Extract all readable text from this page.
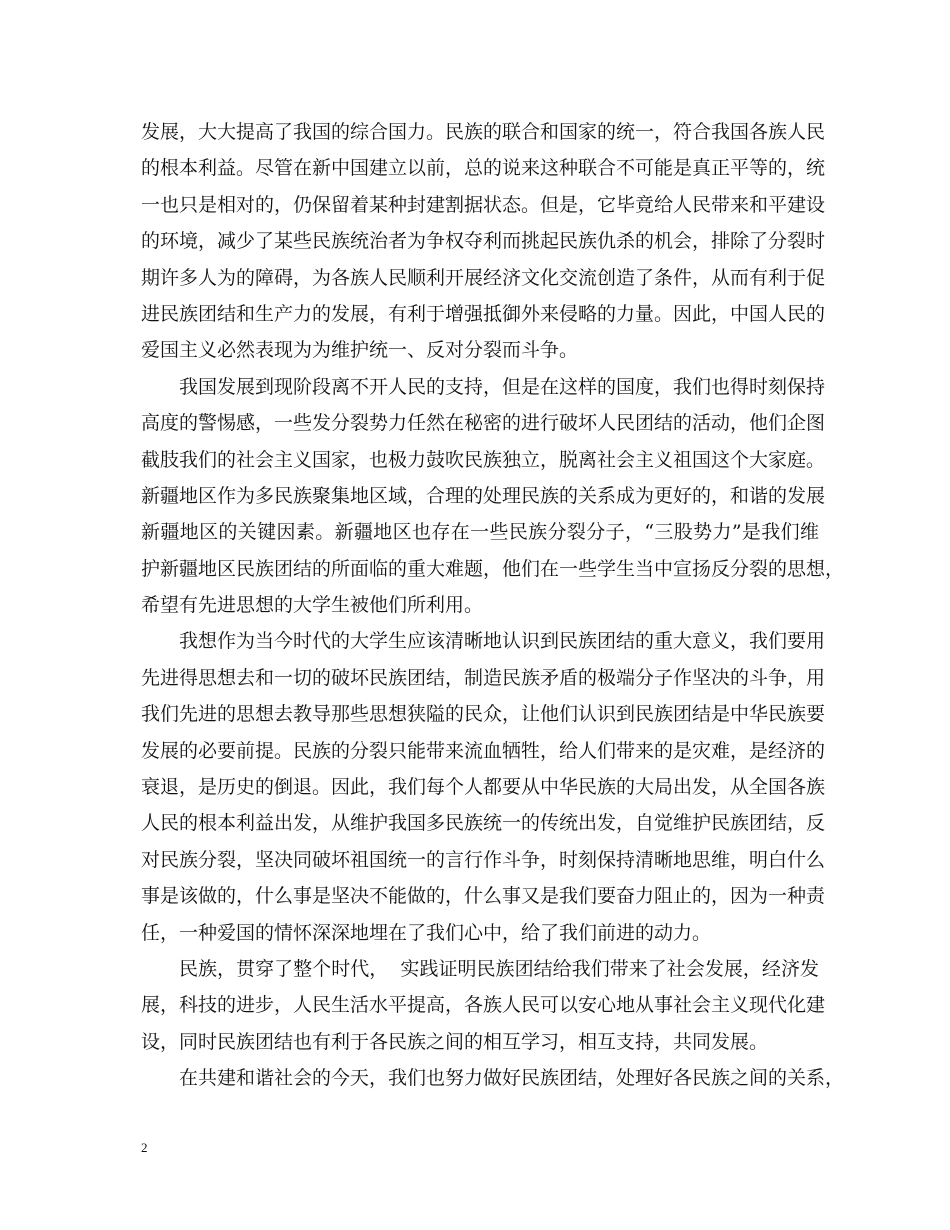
发展，大大提高了我国的综合国力。民族的联合和国家的统一，符合我国各族人民
的根本利益。尽管在新中国建立以前，总的说来这种联合不可能是真正平等的，统
一也只是相对的，仍保留着某种封建割据状态。但是，它毕竟给人民带来和平建设
的环境，减少了某些民族统治者为争权夺利而挑起民族仇杀的机会，排除了分裂时
期许多人为的障碍，为各族人民顺利开展经济文化交流创造了条件，从而有利于促
进民族团结和生产力的发展，有利于增强抵御外来侵略的力量。因此，中国人民的
爱国主义必然表现为为维护统一、反对分裂而斗争。
我国发展到现阶段离不开人民的支持，但是在这样的国度，我们也得时刻保持
高度的警惕感，一些发分裂势力任然在秘密的进行破坏人民团结的活动，他们企图
截肢我们的社会主义国家，也极力鼓吹民族独立，脱离社会主义祖国这个大家庭。
新疆地区作为多民族聚集地区域，合理的处理民族的关系成为更好的，和谐的发展
新疆地区的关键因素。新疆地区也存在一些民族分裂分子，“三股势力”是我们维
护新疆地区民族团结的所面临的重大难题，他们在一些学生当中宣扬反分裂的思想，
希望有先进思想的大学生被他们所利用。
我想作为当今时代的大学生应该清晰地认识到民族团结的重大意义，我们要用
先进得思想去和一切的破坏民族团结，制造民族矛盾的极端分子作坚决的斗争，用
我们先进的思想去教导那些思想狭隘的民众，让他们认识到民族团结是中华民族要
发展的必要前提。民族的分裂只能带来流血牺牲，给人们带来的是灾难，是经济的
衰退，是历史的倒退。因此，我们每个人都要从中华民族的大局出发，从全国各族
人民的根本利益出发，从维护我国多民族统一的传统出发，自觉维护民族团结，反
对民族分裂，坚决同破坏祖国统一的言行作斗争，时刻保持清晰地思维，明白什么
事是该做的，什么事是坚决不能做的，什么事又是我们要奋力阻止的，因为一种责
任，一种爱国的情怀深深地埋在了我们心中，给了我们前进的动力。
民族，贯穿了整个时代，  实践证明民族团结给我们带来了社会发展，经济发
展，科技的进步，人民生活水平提高，各族人民可以安心地从事社会主义现代化建
设，同时民族团结也有利于各民族之间的相互学习，相互支持，共同发展。
在共建和谐社会的今天，我们也努力做好民族团结，处理好各民族之间的关系，
2
